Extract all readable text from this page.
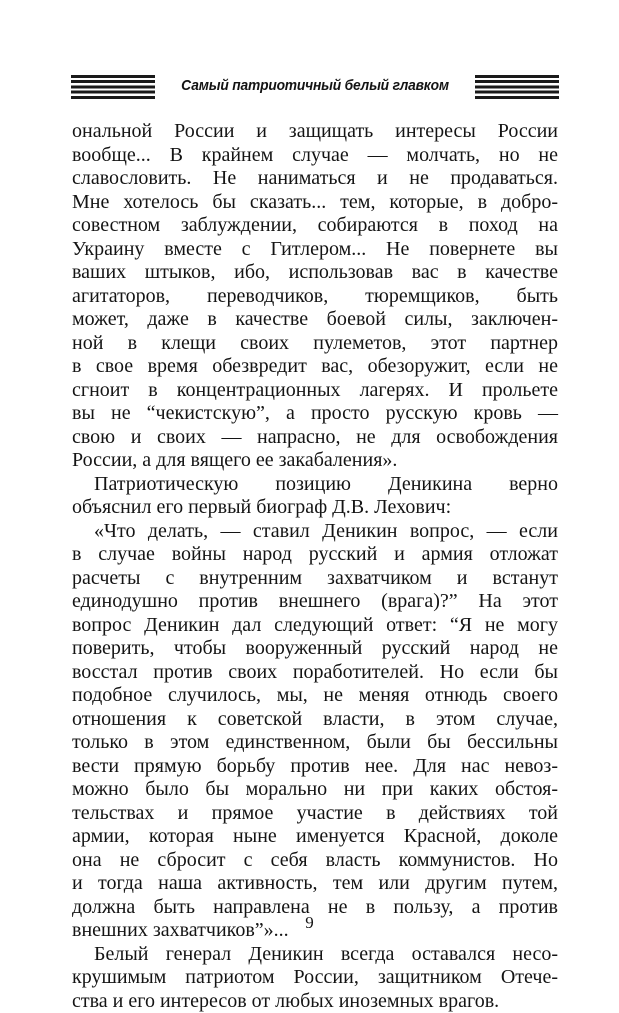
Самый патриотичный белый главком
ональной России и защищать интересы России
вообще... В крайнем случае — молчать, но не
славословить. Не наниматься и не продаваться.
Мне хотелось бы сказать... тем, которые, в добро-
совестном заблуждении, собираются в поход на
Украину вместе с Гитлером... Не повернете вы
ваших штыков, ибо, использовав вас в качестве
агитаторов, переводчиков, тюремщиков, быть
может, даже в качестве боевой силы, заключен-
ной в клещи своих пулеметов, этот партнер
в свое время обезвредит вас, обезоружит, если не
сгноит в концентрационных лагерях. И прольете
вы не “чекистскую”, а просто русскую кровь —
свою и своих — напрасно, не для освобождения
России, а для вящего ее закабаления».
Патриотическую позицию Деникина верно
объяснил его первый биограф Д.В. Лехович:
«Что делать, — ставил Деникин вопрос, — если
в случае войны народ русский и армия отложат
расчеты с внутренним захватчиком и встанут
единодушно против внешнего (врага)?” На этот
вопрос Деникин дал следующий ответ: “Я не могу
поверить, чтобы вооруженный русский народ не
восстал против своих поработителей. Но если бы
подобное случилось, мы, не меняя отнюдь своего
отношения к советской власти, в этом случае,
только в этом единственном, были бы бессильны
вести прямую борьбу против нее. Для нас невоз-
можно было бы морально ни при каких обстоя-
тельствах и прямое участие в действиях той
армии, которая ныне именуется Красной, доколе
она не сбросит с себя власть коммунистов. Но
и тогда наша активность, тем или другим путем,
должна быть направлена не в пользу, а против
внешних захватчиков”»...
Белый генерал Деникин всегда оставался несо-
крушимым патриотом России, защитником Отече-
ства и его интересов от любых иноземных врагов.
9
